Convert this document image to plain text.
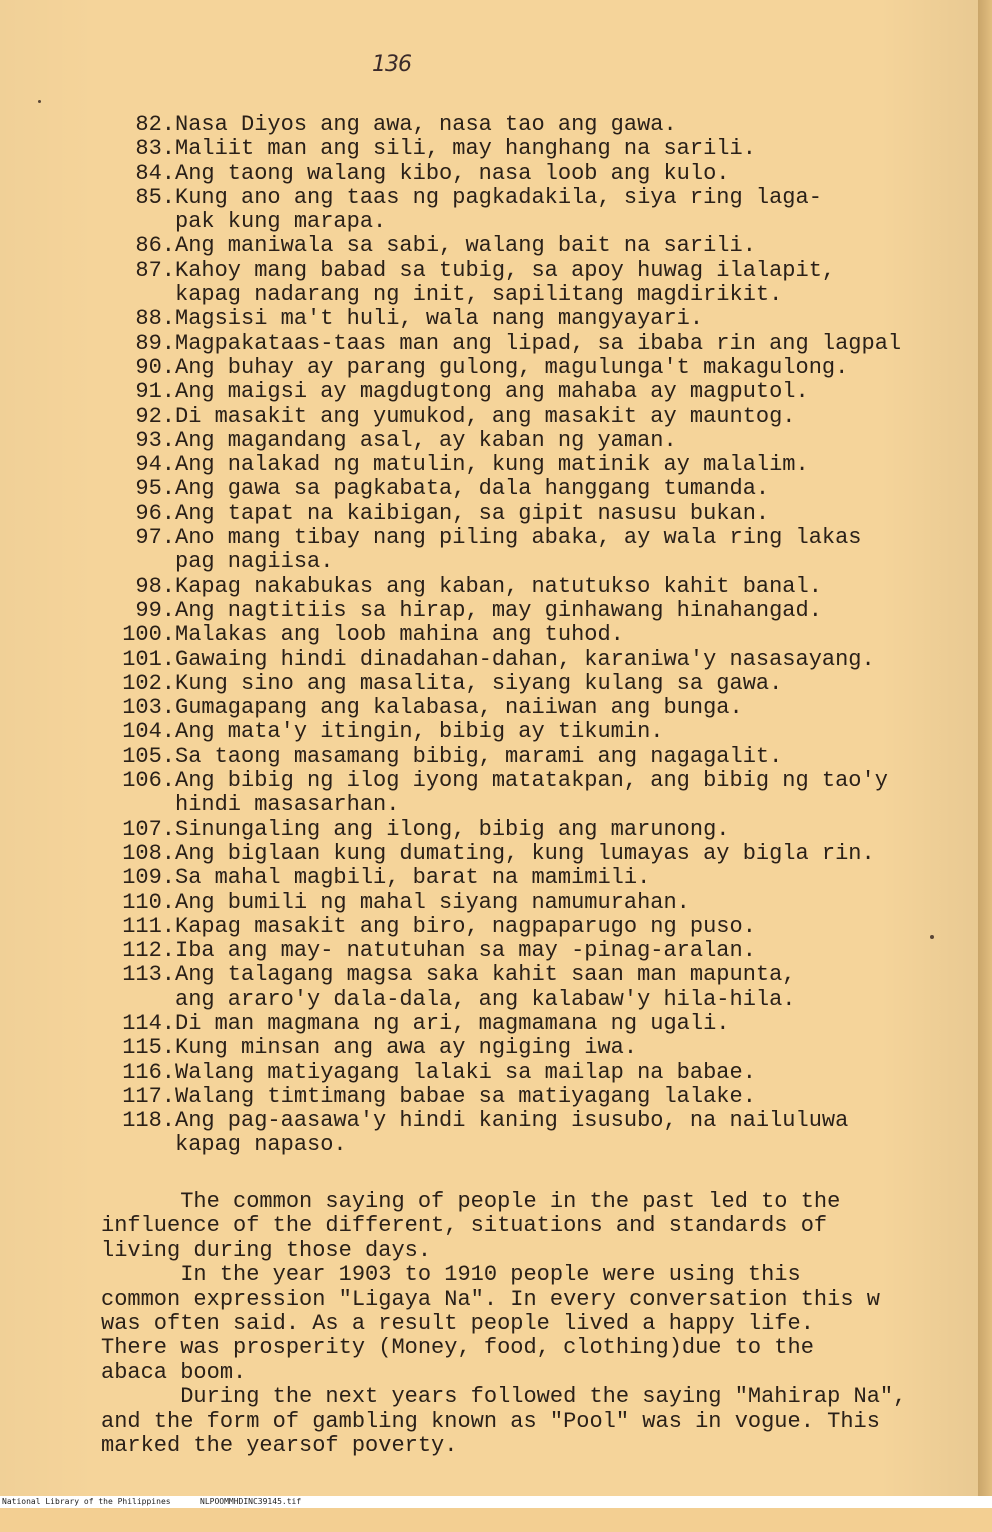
136
82. Nasa Diyos ang awa, nasa tao ang gawa.
83. Maliit man ang sili, may hanghang na sarili.
84. Ang taong walang kibo, nasa loob ang kulo.
85. Kung ano ang taas ng pagkadakila, siya ring laga-
pak kung marapa.
86. Ang maniwala sa sabi, walang bait na sarili.
87. Kahoy mang babad sa tubig, sa apoy huwag ilalapit,
kapag nadarang ng init, sapilitang magdirikit.
88. Magsisi ma't huli, wala nang mangyayari.
89. Magpakataas-taas man ang lipad, sa ibaba rin ang lagpal
90. Ang buhay ay parang gulong, magulunga't makagulong.
91. Ang maigsi ay magdugtong ang mahaba ay magputol.
92. Di masakit ang yumukod, ang masakit ay mauntog.
93. Ang magandang asal, ay kaban ng yaman.
94. Ang nalakad ng matulin, kung matinik ay malalim.
95. Ang gawa sa pagkabata, dala hanggang tumanda.
96. Ang tapat na kaibigan, sa gipit nasusu bukan.
97. Ano mang tibay nang piling abaka, ay wala ring lakas
pag nagiisa.
98. Kapag nakabukas ang kaban, natutukso kahit banal.
99. Ang nagtitiis sa hirap, may ginhawang hinahangad.
100. Malakas ang loob mahina ang tuhod.
101. Gawaing hindi dinadahan-dahan, karaniwa'y nasasayang.
102. Kung sino ang masalita, siyang kulang sa gawa.
103. Gumagapang ang kalabasa, naiiwan ang bunga.
104. Ang mata'y itingin, bibig ay tikumin.
105. Sa taong masamang bibig, marami ang nagagalit.
106. Ang bibig ng ilog iyong matatakpan, ang bibig ng tao'y
hindi masasarhan.
107. Sinungaling ang ilong, bibig ang marunong.
108. Ang biglaan kung dumating, kung lumayas ay bigla rin.
109. Sa mahal magbili, barat na mamimili.
110. Ang bumili ng mahal siyang namumurahan.
111. Kapag masakit ang biro, nagpaparugo ng puso.
112. Iba ang may- natutuhan sa may -pinag-aralan.
113. Ang talagang magsa saka kahit saan man mapunta,
ang araro'y dala-dala, ang kalabaw'y hila-hila.
114. Di man magmana ng ari, magmamana ng ugali.
115. Kung minsan ang awa ay ngiging iwa.
116. Walang matiyagang lalaki sa mailap na babae.
117. Walang timtimang babae sa matiyagang lalake.
118. Ang pag-aasawa'y hindi kaning isusubo, na nailuluwa
kapag napaso.
The common saying of people in the past led to the
influence of the different, situations and standards of
living during those days.
In the year 1903 to 1910 people were using this
common expression "Ligaya Na". In every conversation this w
was often said. As a result people lived a happy life.
There was prosperity (Money, food, clothing)due to the
abaca boom.
During the next years followed the saying "Mahirap Na",
and the form of gambling known as "Pool" was in vogue. This
marked the yearsof poverty.

National Library of the Philippines

	NLPOOMMHDINC39145.tif
